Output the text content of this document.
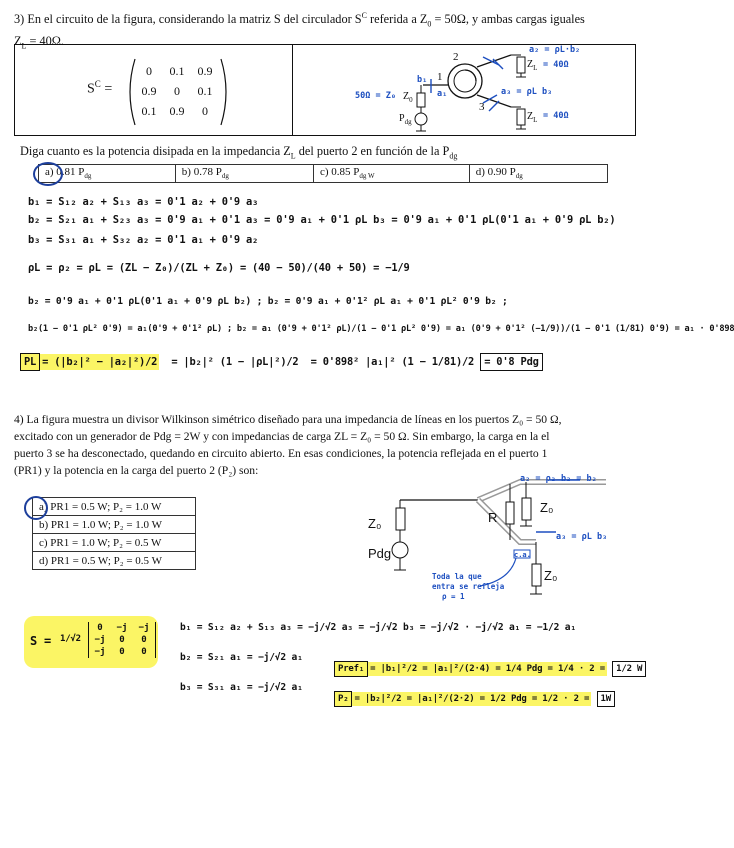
3) En el circuito de la figura, considerando la matriz S del circulador $S^C$ referida a $Z_0 = 50\Omega$, y ambas cargas iguales
$Z_L = 40\Omega$.
$S^C$ =
0	0.1	0.9
0.9	0	0.1
0.1	0.9	0
2
1
3
$Z_L$
$Z_L$
$Z_0$
$P_{dg}$
a₂ = ρL·b₂
= 40Ω
b₁
a₁
50Ω = Z₀	a₃ = ρL b₃
= 40Ω
Diga cuanto es la potencia disipada en la impedancia $Z_L$ del puerto 2 en función de la $P_{dg}$
a) 0.81 $P_{dg}$	b) 0.78 $P_{dg}$	c) 0.85 $P_{dg W}$	d) 0.90 $P_{dg}$
b₁ = S₁₂ a₂ + S₁₃ a₃ = 0'1 a₂ + 0'9 a₃
b₂ = S₂₁ a₁ + S₂₃ a₃ = 0'9 a₁ + 0'1 a₃ = 0'9 a₁ + 0'1 ρL b₃ = 0'9 a₁ + 0'1 ρL(0'1 a₁ + 0'9 ρL b₂)
b₃ = S₃₁ a₁ + S₃₂ a₂ = 0'1 a₁ + 0'9 a₂
ρL = ρ₂ = ρL = (ZL − Z₀)/(ZL + Z₀) = (40 − 50)/(40 + 50) = −1/9
b₂ = 0'9 a₁ + 0'1 ρL(0'1 a₁ + 0'9 ρL b₂) ; b₂ = 0'9 a₁ + 0'1² ρL a₁ + 0'1 ρL² 0'9 b₂ ;
b₂(1 − 0'1 ρL² 0'9) = a₁(0'9 + 0'1² ρL) ; b₂ = a₁ (0'9 + 0'1² ρL)/(1 − 0'1 ρL² 0'9) = a₁ (0'9 + 0'1² (−1/9))/(1 − 0'1 (1/81) 0'9) = a₁ · 0'898
PL = (|b₂|² − |a₂|²)/2 = |b₂|² (1 − |ρL|²)/2 = 0'898² |a₁|² (1 − 1/81)/2 = 0'8 Pdg
4) La figura muestra un divisor Wilkinson simétrico diseñado para una impedancia de líneas en los puertos Z₀ = 50 Ω,
excitado con un generador de Pdg = 2W y con impedancias de carga ZL = Z₀ = 50 Ω. Sin embargo, la carga en la el
puerto 3 se ha desconectado, quedando en circuito abierto. En esas condiciones, la potencia reflejada en el puerto 1
(PR1) y la potencia en la carga del puerto 2 (P₂) son:
a) PR1 = 0.5 W; P₂ = 1.0 W
b) PR1 = 1.0 W; P₂ = 1.0 W
c) PR1 = 1.0 W; P₂ = 0.5 W
d) PR1 = 0.5 W; P₂ = 0.5 W
Z₀
Pdg
R
Z₀
Z₀
a₂ = ρ₂ b₂ = b₂
a₃ = ρL b₃
c.a.
Toda la que
entra se refleja
ρ = 1
S = 1/√2
0	−j	−j
−j	0	0
−j	0	0
b₁ = S₁₂ a₂ + S₁₃ a₃ = −j/√2 a₃ = −j/√2 b₃ = −j/√2 · −j/√2 a₁ = −1/2 a₁
b₂ = S₂₁ a₁ = −j/√2 a₁
b₃ = S₃₁ a₁ = −j/√2 a₁
Pref₁ = |b₁|²/2 = |a₁|²/(2·4) = 1/4 Pdg = 1/4 · 2 = 1/2 W
P₂ = |b₂|²/2 = |a₁|²/(2·2) = 1/2 Pdg = 1/2 · 2 = 1W
